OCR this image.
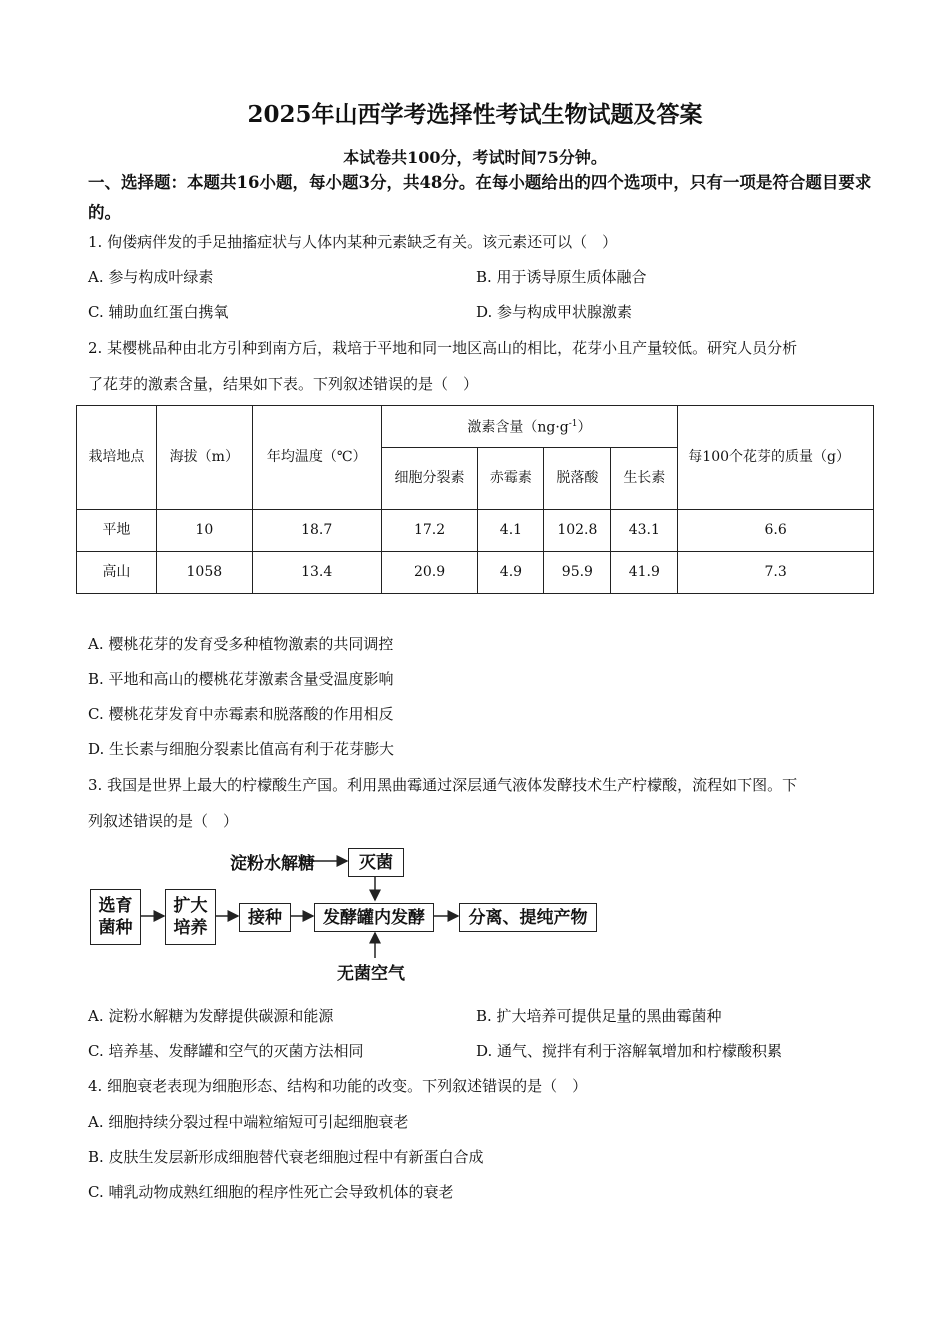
2025年山西学考选择性考试生物试题及答案
本试卷共100分，考试时间75分钟。
一、选择题：本题共16小题，每小题3分，共48分。在每小题给出的四个选项中，只有一项是符合题目要求的。
1. 佝偻病伴发的手足抽搐症状与人体内某种元素缺乏有关。该元素还可以（　）
A. 参与构成叶绿素	B. 用于诱导原生质体融合
C. 辅助血红蛋白携氧	D. 参与构成甲状腺激素
2. 某樱桃品种由北方引种到南方后，栽培于平地和同一地区高山的相比，花芽小且产量较低。研究人员分析
了花芽的激素含量，结果如下表。下列叙述错误的是（　）
栽培地点	海拔（m）	年均温度（℃）	激素含量$(ng\cdot g^{-1})$				每100个花芽的质量（g）
			细胞分裂素	赤霉素	脱落酸	生长素	
平地	10	18.7	17.2	4.1	102.8	43.1	6.6
高山	1058	13.4	20.9	4.9	95.9	41.9	7.3
A. 樱桃花芽的发育受多种植物激素的共同调控
B. 平地和高山的樱桃花芽激素含量受温度影响
C. 樱桃花芽发育中赤霉素和脱落酸的作用相反
D. 生长素与细胞分裂素比值高有利于花芽膨大
3. 我国是世界上最大的柠檬酸生产国。利用黑曲霉通过深层通气液体发酵技术生产柠檬酸，流程如下图。下
列叙述错误的是（　）
淀粉水解糖	灭菌
选育
菌种
扩大
培养
接种	发酵罐内发酵	分离、提纯产物
无菌空气
A. 淀粉水解糖为发酵提供碳源和能源	B. 扩大培养可提供足量的黑曲霉菌种
C. 培养基、发酵罐和空气的灭菌方法相同	D. 通气、搅拌有利于溶解氧增加和柠檬酸积累
4. 细胞衰老表现为细胞形态、结构和功能的改变。下列叙述错误的是（　）
A. 细胞持续分裂过程中端粒缩短可引起细胞衰老
B. 皮肤生发层新形成细胞替代衰老细胞过程中有新蛋白合成
C. 哺乳动物成熟红细胞的程序性死亡会导致机体的衰老
